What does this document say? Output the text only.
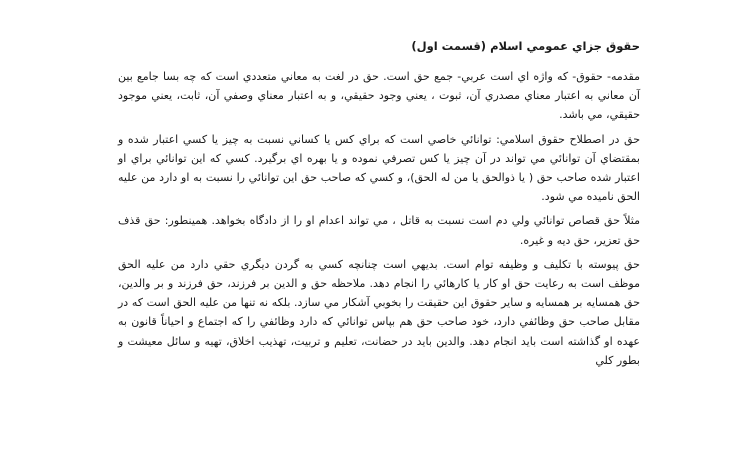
حقوق جزاي عمومي اسلام (قسمت اول)

مقدمه- حقوق- كه واژه اي است عربي- جمع حق است. حق در لغت به معاني متعددي است كه چه بسا جامع بين آن معاني به اعتبار معناي مصدري آن، ثبوت ، يعني وجود حقيقي، و به اعتبار معناي وصفي آن، ثابت، يعني موجود حقيقي، مي باشد.

حق در اصطلاح حقوق اسلامي: توانائي خاصي است كه براي كس يا كساني نسبت به چيز يا كسي اعتبار شده و بمقتضاي آن توانائي مي تواند در آن چيز يا كس تصرفي نموده و يا بهره اي برگيرد. كسي كه اين توانائي براي او اعتبار شده صاحب حق ( يا ذوالحق يا من له الحق)، و كسي كه صاحب حق اين توانائي را نسبت به او دارد من عليه الحق ناميده مي شود.

مثلاً حق قصاص توانائي ولي دم است نسبت به قاتل ، مي تواند اعدام او را از دادگاه بخواهد. همينطور: حق قذف حق تعزير، حق ديه و غيره.

حق پيوسته با تكليف و وظيفه توام است. بديهي است چنانچه كسي به گردن ديگري حقي دارد من عليه الحق موظف است به رعايت حق او كار يا كارهائي را انجام دهد. ملاحظه حق و الدين بر فرزند، حق فرزند و بر والدين، حق همسايه بر همسايه و ساير حقوق اين حقيقت را بخوبي آشكار مي سازد. بلكه نه تنها من عليه الحق است كه در مقابل صاحب حق وظائفي دارد، خود صاحب حق هم بپاس توانائي كه دارد وظائفي را كه اجتماع و احياناً قانون به عهده او گذاشته است بايد انجام دهد. والدين بايد در حضانت، تعليم و تربيت، تهذيب اخلاق، تهيه و سائل معيشت و بطور كلي
